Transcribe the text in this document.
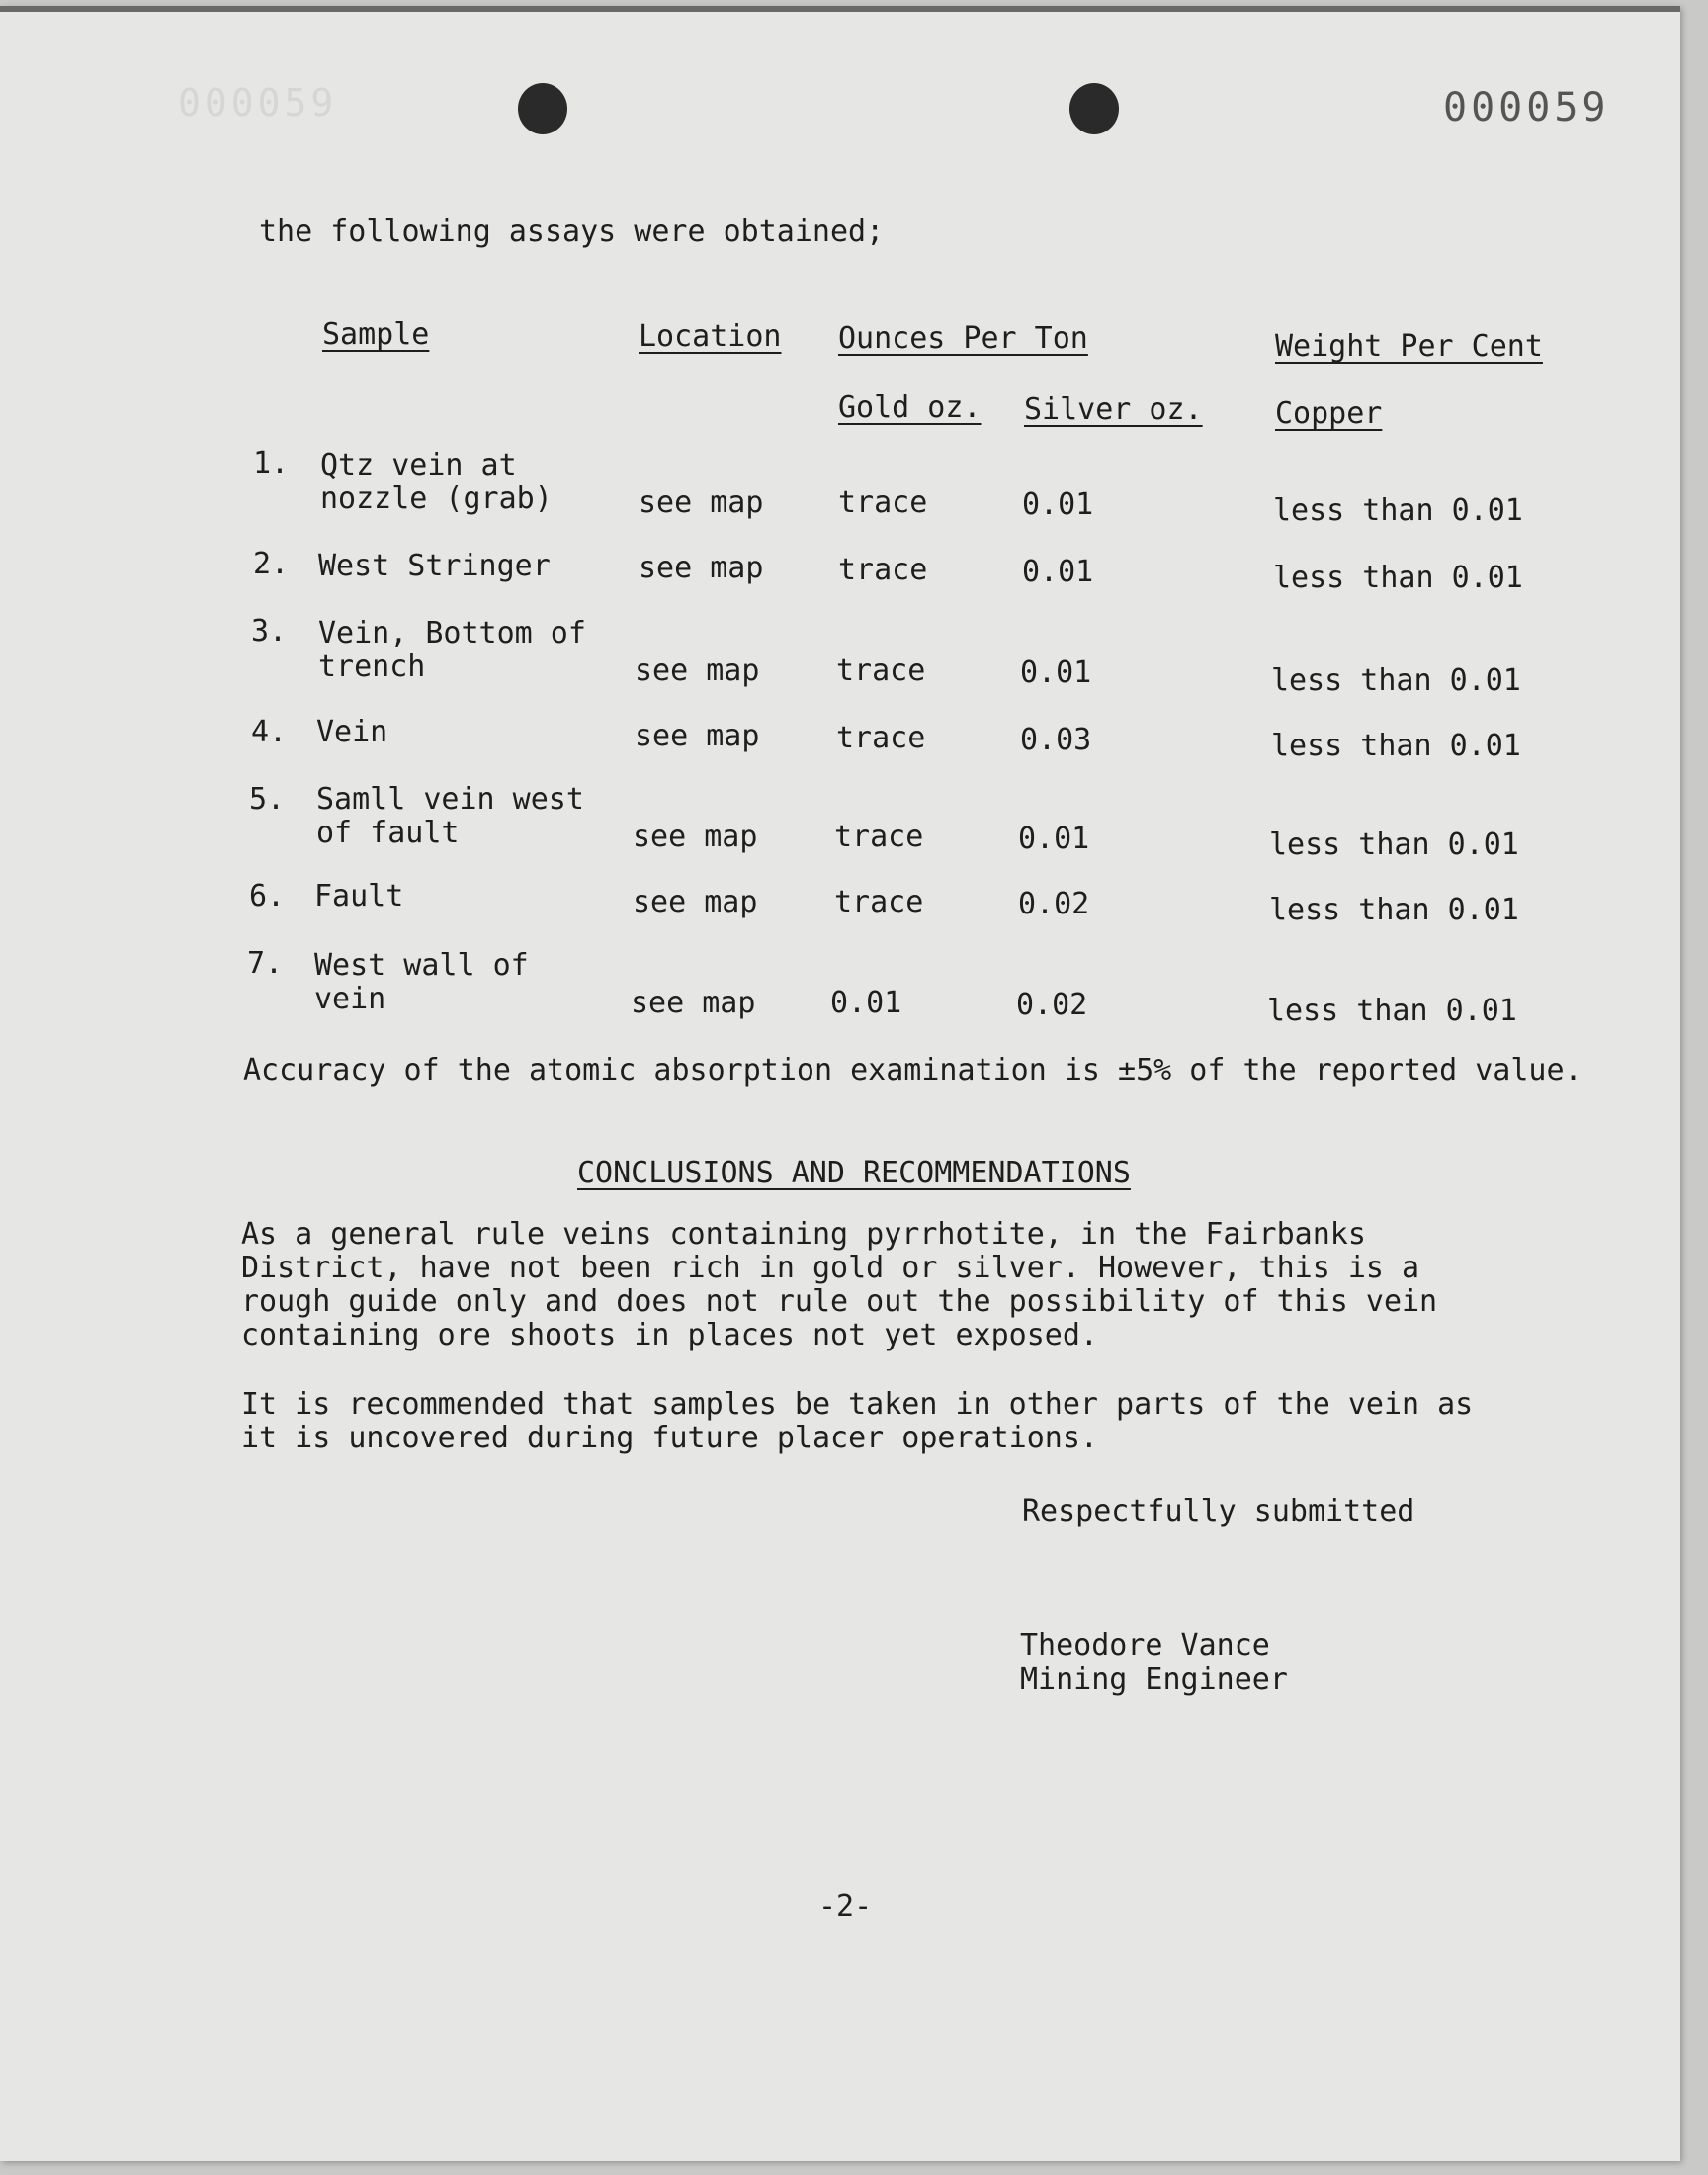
000059	000059
the following assays were obtained;
Sample	Location Ounces Per Ton	Weight Per Cent
Gold oz. Silver oz. Copper
1. Qtz vein at
nozzle (grab)	see map	trace	0.01	less than 0.01
2. West Stringer	see map	trace	0.01	less than 0.01
3. Vein, Bottom of
trench	see map	trace	0.01	less than 0.01
4. Vein	see map	trace	0.03	less than 0.01
5. Samll vein west
of fault	see map	trace	0.01	less than 0.01
6. Fault	see map	trace	0.02	less than 0.01
7. West wall of
vein	see map	0.01	0.02	less than 0.01
Accuracy of the atomic absorption examination is ±5% of the reported value.
CONCLUSIONS AND RECOMMENDATIONS

As a general rule veins containing pyrrhotite, in the Fairbanks District, have not been rich in gold or silver. However, this is a rough guide only and does not rule out the possibility of this vein containing ore shoots in places not yet exposed.

It is recommended that samples be taken in other parts of the vein as it is uncovered during future placer operations.

Respectfully submitted
Theodore Vance
Mining Engineer
-2-
